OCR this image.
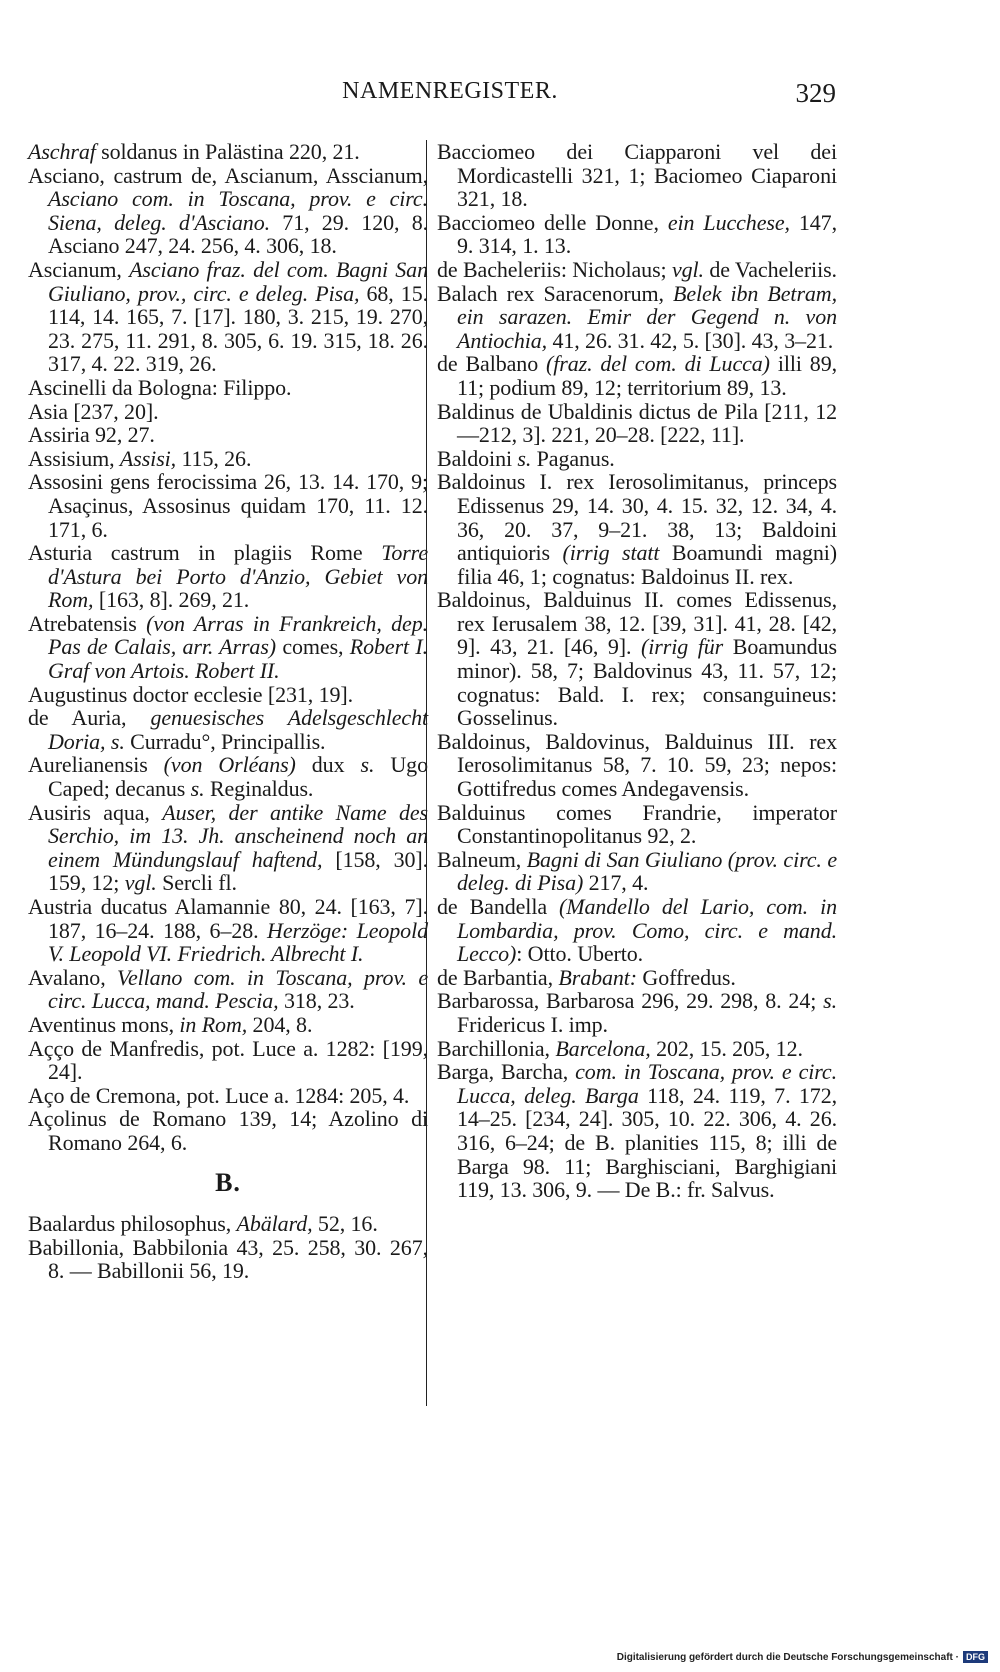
NAMENREGISTER.	329

Aschraf soldanus in Palästina 220, 21.

Asciano, castrum de, Ascianum, Asscianum, Asciano com. in Toscana, prov. e circ. Siena, deleg. d'Asciano. 71, 29. 120, 8. Asciano 247, 24. 256, 4. 306, 18.

Ascianum, Asciano fraz. del com. Bagni San Giuliano, prov., circ. e deleg. Pisa, 68, 15. 114, 14. 165, 7. [17]. 180, 3. 215, 19. 270, 23. 275, 11. 291, 8. 305, 6. 19. 315, 18. 26. 317, 4. 22. 319, 26.

Ascinelli da Bologna: Filippo.

Asia [237, 20].

Assiria 92, 27.

Assisium, Assisi, 115, 26.

Assosini gens ferocissima 26, 13. 14. 170, 9; Asaçinus, Assosinus quidam 170, 11. 12. 171, 6.

Asturia castrum in plagiis Rome Torre d'Astura bei Porto d'Anzio, Gebiet von Rom, [163, 8]. 269, 21.

Atrebatensis (von Arras in Frankreich, dep. Pas de Calais, arr. Arras) comes, Robert I. Graf von Artois. Robert II.

Augustinus doctor ecclesie [231, 19].

de Auria, genuesisches Adelsgeschlecht Doria, s. Curradu°, Principallis.

Aurelianensis (von Orléans) dux s. Ugo Caped; decanus s. Reginaldus.

Ausiris aqua, Auser, der antike Name des Serchio, im 13. Jh. anscheinend noch an einem Mündungslauf haftend, [158, 30]. 159, 12; vgl. Sercli fl.

Austria ducatus Alamannie 80, 24. [163, 7]. 187, 16–24. 188, 6–28. Herzöge: Leopold V. Leopold VI. Friedrich. Albrecht I.

Avalano, Vellano com. in Toscana, prov. e circ. Lucca, mand. Pescia, 318, 23.

Aventinus mons, in Rom, 204, 8.

Açço de Manfredis, pot. Luce a. 1282: [199, 24].

Aço de Cremona, pot. Luce a. 1284: 205, 4.

Açolinus de Romano 139, 14; Azolino di Romano 264, 6.

B.

Baalardus philosophus, Abälard, 52, 16.

Babillonia, Babbilonia 43, 25. 258, 30. 267, 8. — Babillonii 56, 19.

Bacciomeo dei Ciapparoni vel dei Mordicastelli 321, 1; Baciomeo Ciaparoni 321, 18.

Bacciomeo delle Donne, ein Lucchese, 147, 9. 314, 1. 13.

de Bacheleriis: Nicholaus; vgl. de Vacheleriis.

Balach rex Saracenorum, Belek ibn Betram, ein sarazen. Emir der Gegend n. von Antiochia, 41, 26. 31. 42, 5. [30]. 43, 3–21.

de Balbano (fraz. del com. di Lucca) illi 89, 11; podium 89, 12; territorium 89, 13.

Baldinus de Ubaldinis dictus de Pila [211, 12—212, 3]. 221, 20–28. [222, 11].

Baldoini s. Paganus.

Baldoinus I. rex Ierosolimitanus, princeps Edissenus 29, 14. 30, 4. 15. 32, 12. 34, 4. 36, 20. 37, 9–21. 38, 13; Baldoini antiquioris (irrig statt Boamundi magni) filia 46, 1; cognatus: Baldoinus II. rex.

Baldoinus, Balduinus II. comes Edissenus, rex Ierusalem 38, 12. [39, 31]. 41, 28. [42, 9]. 43, 21. [46, 9]. (irrig für Boamundus minor). 58, 7; Baldovinus 43, 11. 57, 12; cognatus: Bald. I. rex; consanguineus: Gosselinus.

Baldoinus, Baldovinus, Balduinus III. rex Ierosolimitanus 58, 7. 10. 59, 23; nepos: Gottifredus comes Andegavensis.

Balduinus comes Frandrie, imperator Constantinopolitanus 92, 2.

Balneum, Bagni di San Giuliano (prov. circ. e deleg. di Pisa) 217, 4.

de Bandella (Mandello del Lario, com. in Lombardia, prov. Como, circ. e mand. Lecco): Otto. Uberto.

de Barbantia, Brabant: Goffredus.

Barbarossa, Barbarosa 296, 29. 298, 8. 24; s. Fridericus I. imp.

Barchillonia, Barcelona, 202, 15. 205, 12.

Barga, Barcha, com. in Toscana, prov. e circ. Lucca, deleg. Barga 118, 24. 119, 7. 172, 14–25. [234, 24]. 305, 10. 22. 306, 4. 26. 316, 6–24; de B. planities 115, 8; illi de Barga 98. 11; Barghisciani, Barghigiani 119, 13. 306, 9. — De B.: fr. Salvus.

Digitalisierung gefördert durch die Deutsche Forschungsgemeinschaft · DFG
